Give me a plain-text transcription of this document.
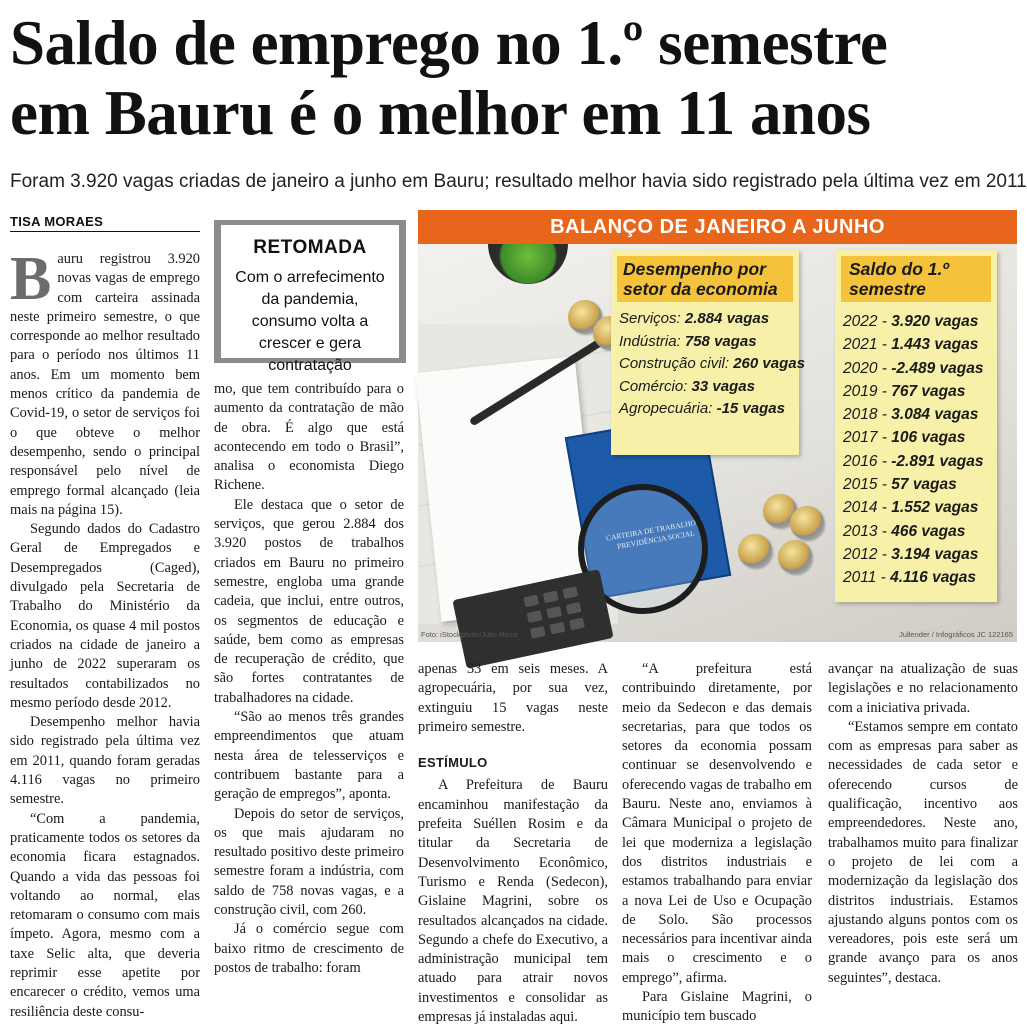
Saldo de emprego no 1.º semestre
em Bauru é o melhor em 11 anos
Foram 3.920 vagas criadas de janeiro a junho em Bauru; resultado melhor havia sido registrado pela última vez em 2011
TISA MORAES

Bauru registrou 3.920 novas vagas de emprego com carteira assinada neste primeiro semestre, o que corresponde ao melhor resultado para o período nos últimos 11 anos. Em um momento bem menos crítico da pandemia de Covid-19, o setor de serviços foi o que obteve o melhor desempenho, sendo o principal responsável pelo nível de emprego formal alcançado (leia mais na página 15).

Segundo dados do Cadastro Geral de Empregados e Desempregados (Caged), divulgado pela Secretaria de Trabalho do Ministério da Economia, os quase 4 mil postos criados na cidade de janeiro a junho de 2022 superaram os resultados contabilizados no mesmo período desde 2012.

Desempenho melhor havia sido registrado pela última vez em 2011, quando foram geradas 4.116 vagas no primeiro semestre.

“Com a pandemia, praticamente todos os setores da economia ficara estagnados. Quando a vida das pessoas foi voltando ao normal, elas retomaram o consumo com mais ímpeto. Agora, mesmo com a taxe Selic alta, que deveria reprimir esse apetite por encarecer o crédito, vemos uma resiliência deste consu-

RETOMADA
Com o arrefecimento da pandemia, consumo volta a crescer e gera contratação

mo, que tem contribuído para o aumento da contratação de mão de obra. É algo que está acontecendo em todo o Brasil”, analisa o economista Diego Richene.

Ele destaca que o setor de serviços, que gerou 2.884 dos 3.920 postos de trabalhos criados em Bauru no primeiro semestre, engloba uma grande cadeia, que inclui, entre outros, os segmentos de educação e saúde, bem como as empresas de recuperação de crédito, que são fortes contratantes de trabalhadores na cidade.

“São ao menos três grandes empreendimentos que atuam nesta área de telesserviços e contribuem bastante para a geração de empregos”, aponta.

Depois do setor de serviços, os que mais ajudaram no resultado positivo deste primeiro semestre foram a indústria, com saldo de 758 novas vagas, e a construção civil, com 260.

Já o comércio segue com baixo ritmo de crescimento de postos de trabalho: foram

BALANÇO DE JANEIRO A JUNHO
CARTEIRA DE TRABALHO E PREVIDÊNCIA SOCIAL
Desempenho por setor da economia
Serviços: 2.884 vagas
Indústria: 758 vagas
Construção civil: 260 vagas
Comércio: 33 vagas
Agropecuária: -15 vagas
Saldo do 1.º semestre
2022 - 3.920 vagas
2021 - 1.443 vagas
2020 - -2.489 vagas
2019 - 767 vagas
2018 - 3.084 vagas
2017 - 106 vagas
2016 - -2.891 vagas
2015 - 57 vagas
2014 - 1.552 vagas
2013 - 466 vagas
2012 - 3.194 vagas
2011 - 4.116 vagas
Foto: iStockphoto/Julio Ricco	Jullender / Infográficos JC 122165

apenas 33 em seis meses. A agropecuária, por sua vez, extinguiu 15 vagas neste primeiro semestre.

ESTÍMULO

A Prefeitura de Bauru encaminhou manifestação da prefeita Suéllen Rosim e da titular da Secretaria de Desenvolvimento Econômico, Turismo e Renda (Sedecon), Gislaine Magrini, sobre os resultados alcançados na cidade. Segundo a chefe do Executivo, a administração municipal tem atuado para atrair novos investimentos e consolidar as empresas já instaladas aqui.

“A prefeitura está contribuindo diretamente, por meio da Sedecon e das demais secretarias, para que todos os setores da economia possam continuar se desenvolvendo e oferecendo vagas de trabalho em Bauru. Neste ano, enviamos à Câmara Municipal o projeto de lei que moderniza a legislação dos distritos industriais e estamos trabalhando para enviar a nova Lei de Uso e Ocupação de Solo. São processos necessários para incentivar ainda mais o crescimento e o emprego”, afirma.

Para Gislaine Magrini, o município tem buscado

avançar na atualização de suas legislações e no relacionamento com a iniciativa privada.

“Estamos sempre em contato com as empresas para saber as necessidades de cada setor e oferecendo cursos de qualificação, incentivo aos empreendedores. Neste ano, trabalhamos muito para finalizar o projeto de lei com a modernização da legislação dos distritos industriais. Estamos ajustando alguns pontos com os vereadores, pois este será um grande avanço para os anos seguintes”, destaca.
